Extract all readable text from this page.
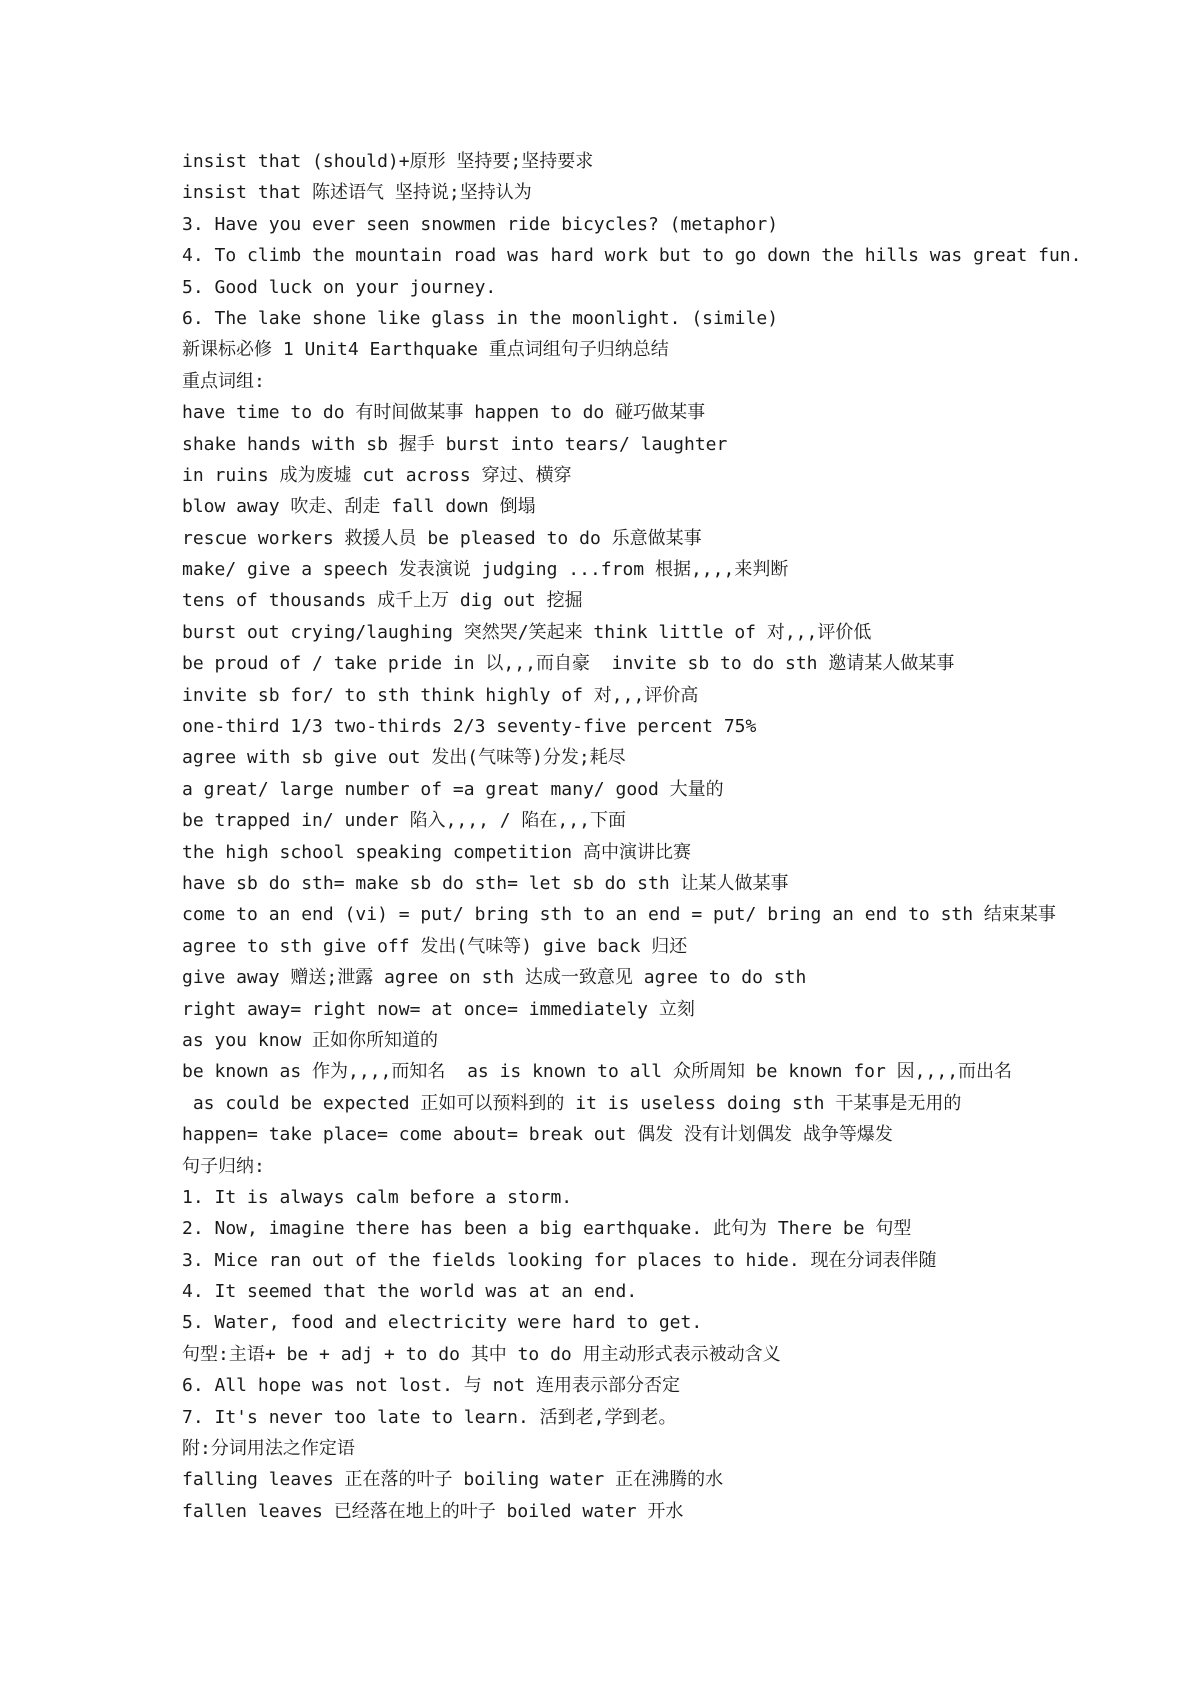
insist that (should)+原形 坚持要;坚持要求
insist that 陈述语气 坚持说;坚持认为
3. Have you ever seen snowmen ride bicycles? (metaphor)
4. To climb the mountain road was hard work but to go down the hills was great fun.
5. Good luck on your journey.
6. The lake shone like glass in the moonlight. (simile)
新课标必修 1 Unit4 Earthquake 重点词组句子归纳总结
重点词组:
have time to do 有时间做某事 happen to do 碰巧做某事
shake hands with sb 握手 burst into tears/ laughter
in ruins 成为废墟 cut across 穿过、横穿
blow away 吹走、刮走 fall down 倒塌
rescue workers 救援人员 be pleased to do 乐意做某事
make/ give a speech 发表演说 judging ...from 根据,,,,来判断
tens of thousands 成千上万 dig out 挖掘
burst out crying/laughing 突然哭/笑起来 think little of 对,,,评价低
be proud of / take pride in 以,,,而自豪  invite sb to do sth 邀请某人做某事
invite sb for/ to sth think highly of 对,,,评价高
one-third 1/3 two-thirds 2/3 seventy-five percent 75%
agree with sb give out 发出(气味等)分发;耗尽
a great/ large number of =a great many/ good 大量的
be trapped in/ under 陷入,,,, / 陷在,,,下面
the high school speaking competition 高中演讲比赛
have sb do sth= make sb do sth= let sb do sth 让某人做某事
come to an end (vi) = put/ bring sth to an end = put/ bring an end to sth 结束某事
agree to sth give off 发出(气味等) give back 归还
give away 赠送;泄露 agree on sth 达成一致意见 agree to do sth
right away= right now= at once= immediately 立刻
as you know 正如你所知道的
be known as 作为,,,,而知名  as is known to all 众所周知 be known for 因,,,,而出名
as could be expected 正如可以预料到的 it is useless doing sth 干某事是无用的
happen= take place= come about= break out 偶发 没有计划偶发 战争等爆发
句子归纳:
1. It is always calm before a storm.
2. Now, imagine there has been a big earthquake. 此句为 There be 句型
3. Mice ran out of the fields looking for places to hide. 现在分词表伴随
4. It seemed that the world was at an end.
5. Water, food and electricity were hard to get.
句型:主语+ be + adj + to do 其中 to do 用主动形式表示被动含义
6. All hope was not lost. 与 not 连用表示部分否定
7. It's never too late to learn. 活到老,学到老。
附:分词用法之作定语
falling leaves 正在落的叶子 boiling water 正在沸腾的水
fallen leaves 已经落在地上的叶子 boiled water 开水
